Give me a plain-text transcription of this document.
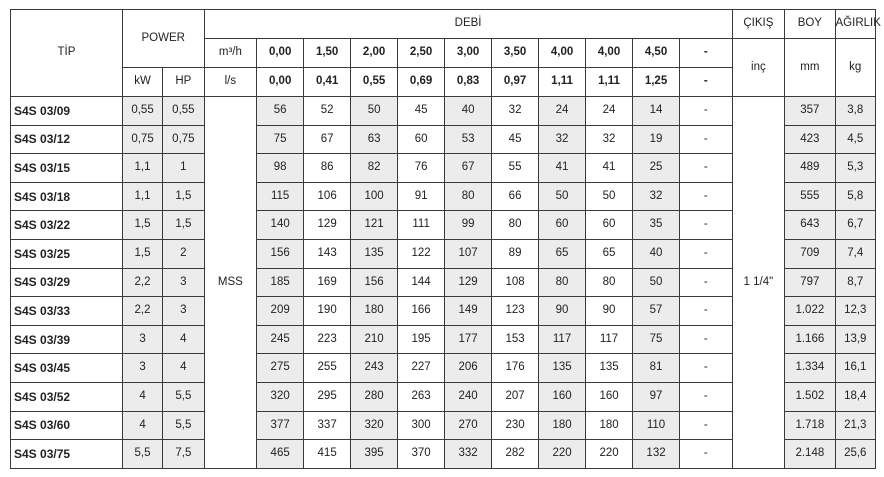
TİP	POWER		DEBİ											ÇIKIŞ	BOY	AĞIRLIK
			m³/h	0,00	1,50	2,00	2,50	3,00	3,50	4,00	4,00	4,50	-	inç	mm	kg
	kW	HP	l/s	0,00	0,41	0,55	0,69	0,83	0,97	1,11	1,11	1,25	-			
S4S 03/09	0,55	0,55	MSS	56	52	50	45	40	32	24	24	14	-	1 1/4"	357	3,8
S4S 03/12	0,75	0,75		75	67	63	60	53	45	32	32	19	-		423	4,5
S4S 03/15	1,1	1		98	86	82	76	67	55	41	41	25	-		489	5,3
S4S 03/18	1,1	1,5		115	106	100	91	80	66	50	50	32	-		555	5,8
S4S 03/22	1,5	1,5		140	129	121	111	99	80	60	60	35	-		643	6,7
S4S 03/25	1,5	2		156	143	135	122	107	89	65	65	40	-		709	7,4
S4S 03/29	2,2	3		185	169	156	144	129	108	80	80	50	-		797	8,7
S4S 03/33	2,2	3		209	190	180	166	149	123	90	90	57	-		1.022	12,3
S4S 03/39	3	4		245	223	210	195	177	153	117	117	75	-		1.166	13,9
S4S 03/45	3	4		275	255	243	227	206	176	135	135	81	-		1.334	16,1
S4S 03/52	4	5,5		320	295	280	263	240	207	160	160	97	-		1.502	18,4
S4S 03/60	4	5,5		377	337	320	300	270	230	180	180	110	-		1.718	21,3
S4S 03/75	5,5	7,5		465	415	395	370	332	282	220	220	132	-		2.148	25,6
